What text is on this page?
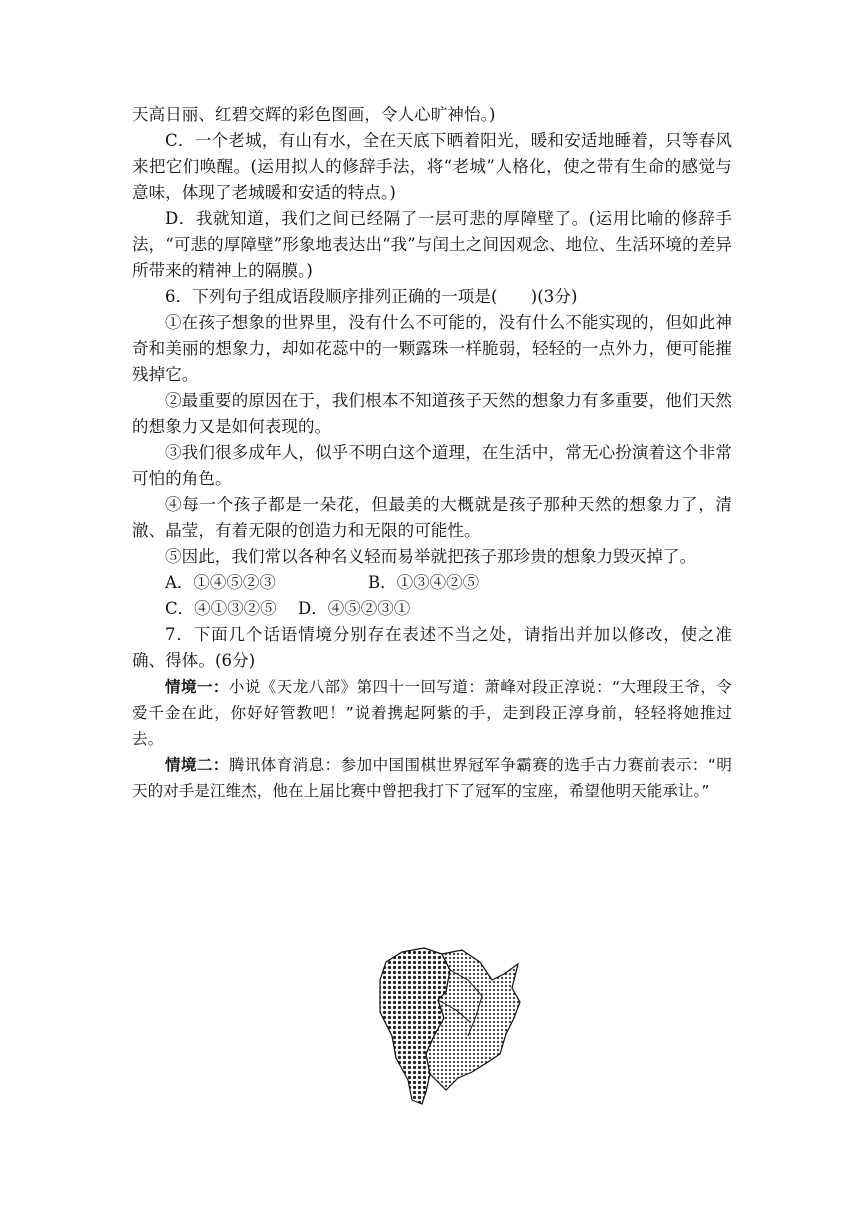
天高日丽、红碧交辉的彩色图画，令人心旷神怡。)

C．一个老城，有山有水，全在天底下晒着阳光，暖和安适地睡着，只等春风来把它们唤醒。(运用拟人的修辞手法，将“老城”人格化，使之带有生命的感觉与意味，体现了老城暖和安适的特点。)

D．我就知道，我们之间已经隔了一层可悲的厚障壁了。(运用比喻的修辞手法，“可悲的厚障壁”形象地表达出“我”与闰土之间因观念、地位、生活环境的差异所带来的精神上的隔膜。)

6．下列句子组成语段顺序排列正确的一项是(　　)(3分)

①在孩子想象的世界里，没有什么不可能的，没有什么不能实现的，但如此神奇和美丽的想象力，却如花蕊中的一颗露珠一样脆弱，轻轻的一点外力，便可能摧残掉它。

②最重要的原因在于，我们根本不知道孩子天然的想象力有多重要，他们天然的想象力又是如何表现的。

③我们很多成年人，似乎不明白这个道理，在生活中，常无心扮演着这个非常可怕的角色。

④每一个孩子都是一朵花，但最美的大概就是孩子那种天然的想象力了，清澈、晶莹，有着无限的创造力和无限的可能性。

⑤因此，我们常以各种名义轻而易举就把孩子那珍贵的想象力毁灭掉了。

A．①④⑤②③	B．①③④②⑤

C．④①③②⑤ D．④⑤②③①

7．下面几个话语情境分别存在表述不当之处，请指出并加以修改，使之准确、得体。(6分)

情境一：小说《天龙八部》第四十一回写道：萧峰对段正淳说：“大理段王爷，令爱千金在此，你好好管教吧！”说着携起阿紫的手，走到段正淳身前，轻轻将她推过去。

情境二：腾讯体育消息：参加中国围棋世界冠军争霸赛的选手古力赛前表示：“明天的对手是江维杰，他在上届比赛中曾把我打下了冠军的宝座，希望他明天能承让。”
